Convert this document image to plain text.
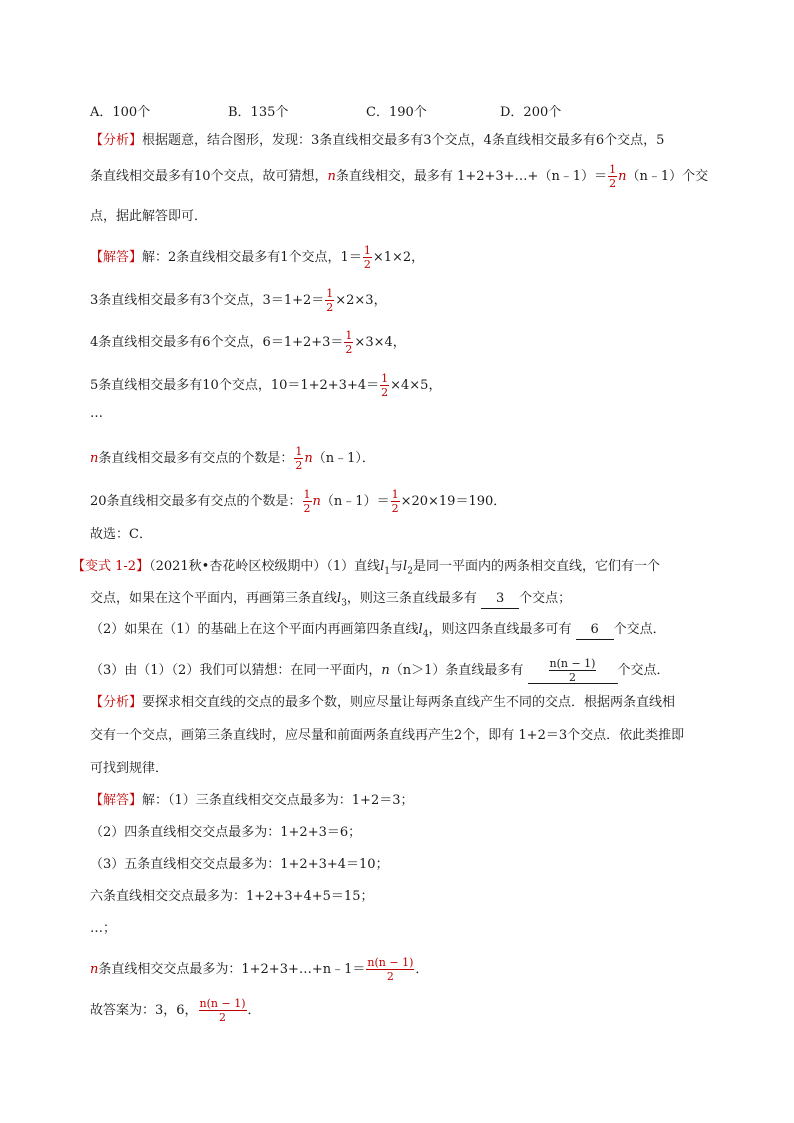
A．100个	B．135个	C．190个	D．200个
【分析】根据题意，结合图形，发现：3条直线相交最多有3个交点，4条直线相交最多有6个交点，5
条直线相交最多有10个交点，故可猜想，n条直线相交，最多有 1+2+3+…+（n﹣1）＝ $\frac{1}{2}$ n（n﹣1）个交
点，据此解答即可．
【解答】解：2条直线相交最多有1个交点，$1= \frac{1}{2} \times 1\times 2$，
3条直线相交最多有3个交点，$3=1+2= \frac{1}{2} \times 2\times 3$，
4条直线相交最多有6个交点，$6=1+2+3= \frac{1}{2} \times 3\times 4$，
5条直线相交最多有10个交点，$10=1+2+3+4= \frac{1}{2} \times 4\times 5$，
…
n条直线相交最多有交点的个数是： $\frac{1}{2}$ n（n﹣1）．
20条直线相交最多有交点的个数是： $\frac{1}{2}$ n（n﹣1）＝ $\frac{1}{2} \times 20\times 19=190$．
故选：C．
【变式 1-2】（2021秋•杏花岭区校级期中）（1）直线$l_1$与$l_2$是同一平面内的两条相交直线，它们有一个
交点，如果在这个平面内，再画第三条直线$l_3$，则这三条直线最多有 3 个交点；
（2）如果在（1）的基础上在这个平面内再画第四条直线$l_4$，则这四条直线最多可有 6 个交点．
（3）由（1）（2）我们可以猜想：在同一平面内，n（n＞1）条直线最多有 $\frac{n(n - 1)}{2}$ 个交点．
【分析】要探求相交直线的交点的最多个数，则应尽量让每两条直线产生不同的交点．根据两条直线相
交有一个交点，画第三条直线时，应尽量和前面两条直线再产生2个，即有 1+2＝3个交点．依此类推即
可找到规律．
【解答】解：（1）三条直线相交交点最多为：1+2＝3；
（2）四条直线相交交点最多为：1+2+3＝6；
（3）五条直线相交交点最多为：1+2+3+4＝10；
六条直线相交交点最多为：1+2+3+4+5＝15；
…；
n条直线相交交点最多为：1+2+3+…+n﹣1＝ $\frac{n(n - 1)}{2}$ ．
故答案为：3，6， $\frac{n(n - 1)}{2}$ ．
